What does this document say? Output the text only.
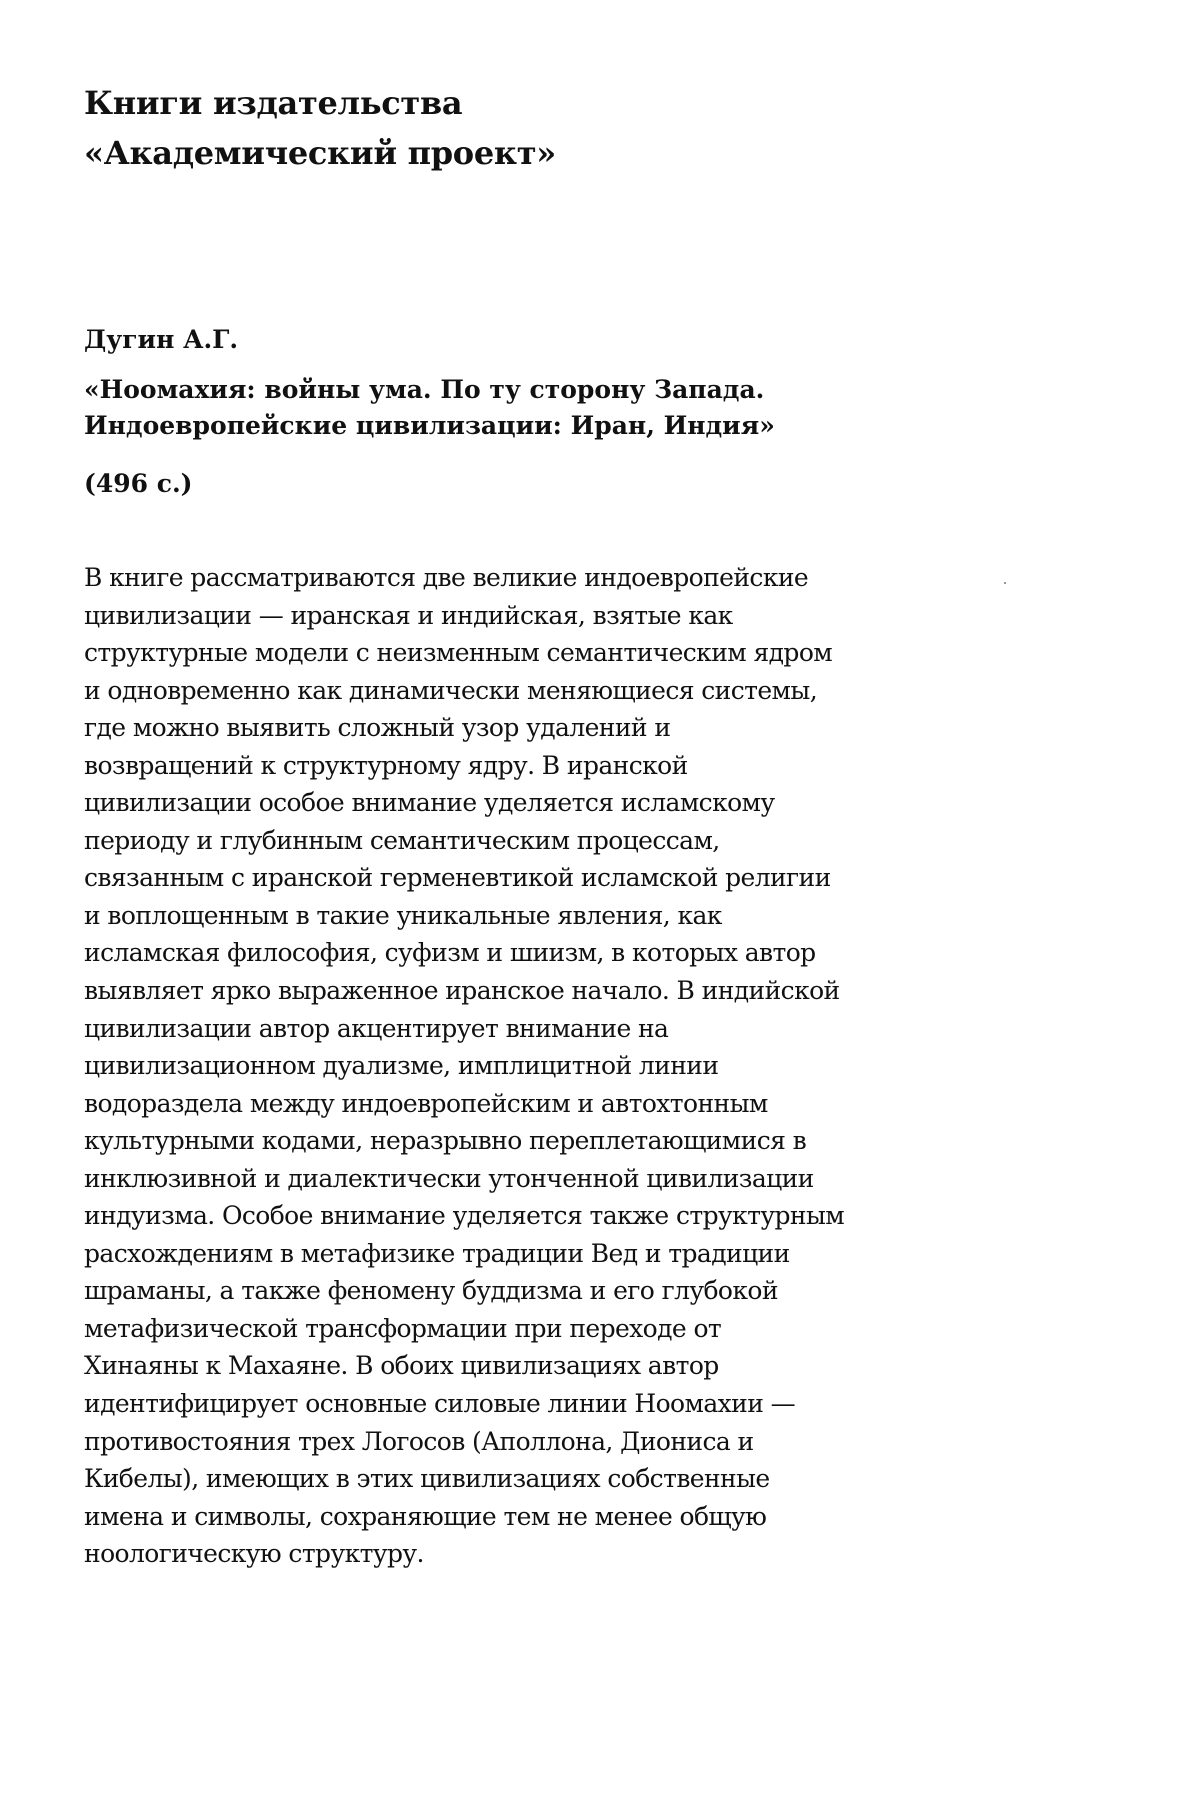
Книги издательства
«Академический проект»
Дугин А.Г.
«Ноомахия: войны ума. По ту сторону Запада.
Индоевропейские цивилизации: Иран, Индия»
(496 с.)
В книге рассматриваются две великие индоевропейские
цивилизации — иранская и индийская, взятые как
структурные модели с неизменным семантическим ядром
и одновременно как динамически меняющиеся системы,
где можно выявить сложный узор удалений и
возвращений к структурному ядру. В иранской
цивилизации особое внимание уделяется исламскому
периоду и глубинным семантическим процессам,
связанным с иранской герменевтикой исламской религии
и воплощенным в такие уникальные явления, как
исламская философия, суфизм и шиизм, в которых автор
выявляет ярко выраженное иранское начало. В индийской
цивилизации автор акцентирует внимание на
цивилизационном дуализме, имплицитной линии
водораздела между индоевропейским и автохтонным
культурными кодами, неразрывно переплетающимися в
инклюзивной и диалектически утонченной цивилизации
индуизма. Особое внимание уделяется также структурным
расхождениям в метафизике традиции Вед и традиции
шраманы, а также феномену буддизма и его глубокой
метафизической трансформации при переходе от
Хинаяны к Махаяне. В обоих цивилизациях автор
идентифицирует основные силовые линии Ноомахии —
противостояния трех Логосов (Аполлона, Диониса и
Кибелы), имеющих в этих цивилизациях собственные
имена и символы, сохраняющие тем не менее общую
ноологическую структуру.
